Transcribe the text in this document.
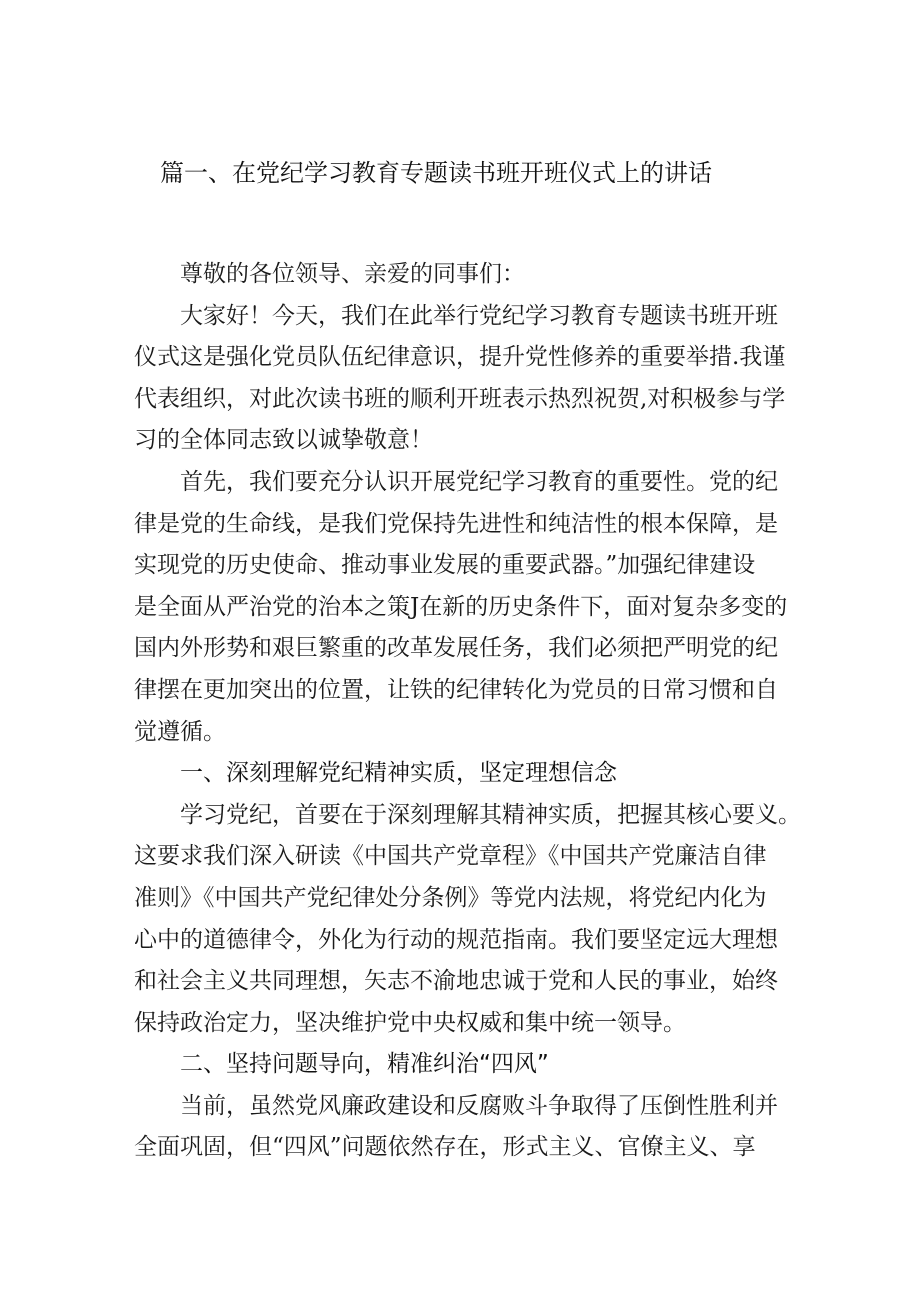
篇一、在党纪学习教育专题读书班开班仪式上的讲话
尊敬的各位领导、亲爱的同事们：
大家好！今天，我们在此举行党纪学习教育专题读书班开班
仪式这是强化党员队伍纪律意识，提升党性修养的重要举措.我谨
代表组织，对此次读书班的顺利开班表示热烈祝贺,对积极参与学
习的全体同志致以诚挚敬意！
首先，我们要充分认识开展党纪学习教育的重要性。党的纪
律是党的生命线，是我们党保持先进性和纯洁性的根本保障，是
实现党的历史使命、推动事业发展的重要武器。”加强纪律建设
是全面从严治党的治本之策J在新的历史条件下，面对复杂多变的
国内外形势和艰巨繁重的改革发展任务，我们必须把严明党的纪
律摆在更加突出的位置，让铁的纪律转化为党员的日常习惯和自
觉遵循。
一、深刻理解党纪精神实质，坚定理想信念
学习党纪，首要在于深刻理解其精神实质，把握其核心要义。
这要求我们深入研读《中国共产党章程》《中国共产党廉洁自律
准则》《中国共产党纪律处分条例》等党内法规，将党纪内化为
心中的道德律令，外化为行动的规范指南。我们要坚定远大理想
和社会主义共同理想，矢志不渝地忠诚于党和人民的事业，始终
保持政治定力，坚决维护党中央权威和集中统一领导。
二、坚持问题导向，精准纠治“四风”
当前，虽然党风廉政建设和反腐败斗争取得了压倒性胜利并
全面巩固，但“四风”问题依然存在，形式主义、官僚主义、享
